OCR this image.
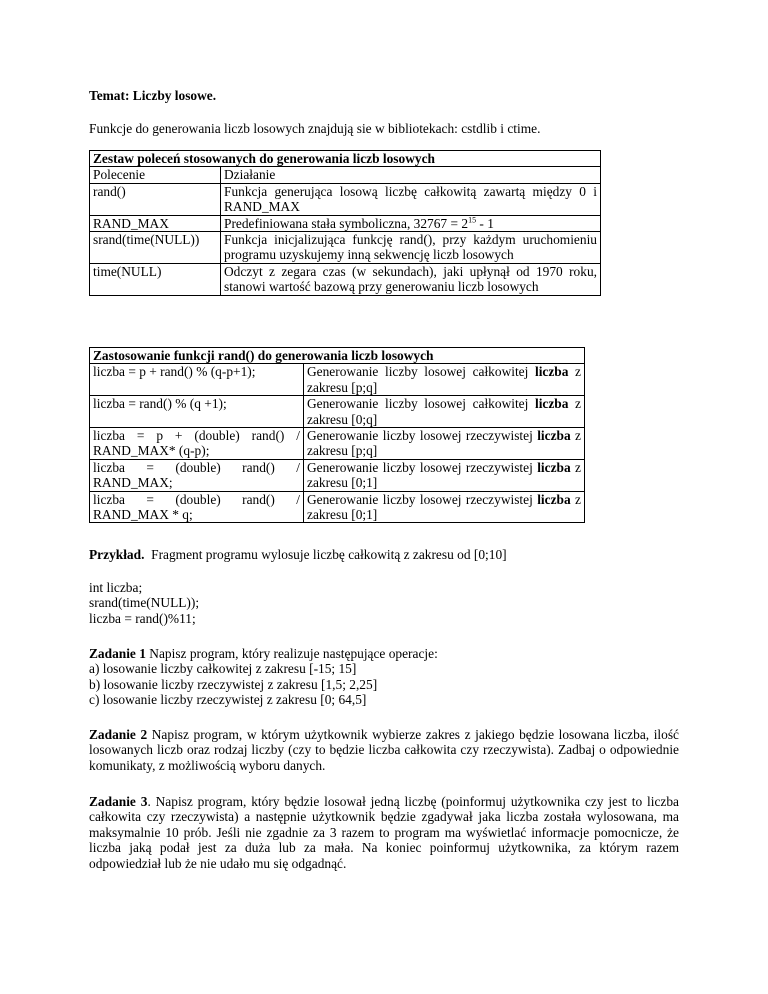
Temat: Liczby losowe.

Funkcje do generowania liczb losowych znajdują sie w bibliotekach: cstdlib i ctime.

Zestaw poleceń stosowanych do generowania liczb losowych	
Polecenie	Działanie
rand()	Funkcja generująca losową liczbę całkowitą zawartą między 0 i RAND_MAX
RAND_MAX	Predefiniowana stała symboliczna, $32767 = 2^{15} - 1$
srand(time(NULL))	Funkcja inicjalizująca funkcję rand(), przy każdym uruchomieniu programu uzyskujemy inną sekwencję liczb losowych
time(NULL)	Odczyt z zegara czas (w sekundach), jaki upłynął od 1970 roku, stanowi wartość bazową przy generowaniu liczb losowych
Zastosowanie funkcji rand() do generowania liczb losowych	
liczba = p + rand() % (q-p+1);	Generowanie liczby losowej całkowitej liczba z zakresu [p;q]
liczba = rand() % (q +1);	Generowanie liczby losowej całkowitej liczba z zakresu [0;q]
liczba = p + (double) rand() / RAND_MAX* (q-p);	Generowanie liczby losowej rzeczywistej liczba z zakresu [p;q]
liczba = (double) rand() / RAND_MAX;	Generowanie liczby losowej rzeczywistej liczba z zakresu [0;1]
liczba = (double) rand() / RAND_MAX * q;	Generowanie liczby losowej rzeczywistej liczba z zakresu [0;1]

Przykład.  Fragment programu wylosuje liczbę całkowitą z zakresu od [0;10]

int liczba;
srand(time(NULL));
liczba = rand()%11;
Zadanie 1 Napisz program, który realizuje następujące operacje:
a) losowanie liczby całkowitej z zakresu [-15; 15]
b) losowanie liczby rzeczywistej z zakresu [1,5; 2,25]
c) losowanie liczby rzeczywistej z zakresu [0; 64,5]

Zadanie 2 Napisz program, w którym użytkownik wybierze zakres z jakiego będzie losowana liczba, ilość losowanych liczb oraz rodzaj liczby (czy to będzie liczba całkowita czy rzeczywista). Zadbaj o odpowiednie komunikaty, z możliwością wyboru danych.

Zadanie 3. Napisz program, który będzie losował jedną liczbę (poinformuj użytkownika czy jest to liczba całkowita czy rzeczywista) a następnie użytkownik będzie zgadywał jaka liczba została wylosowana, ma maksymalnie 10 prób. Jeśli nie zgadnie za 3 razem to program ma wyświetlać informacje pomocnicze, że liczba jaką podał jest za duża lub za mała. Na koniec poinformuj użytkownika, za którym razem odpowiedział lub że nie udało mu się odgadnąć.
